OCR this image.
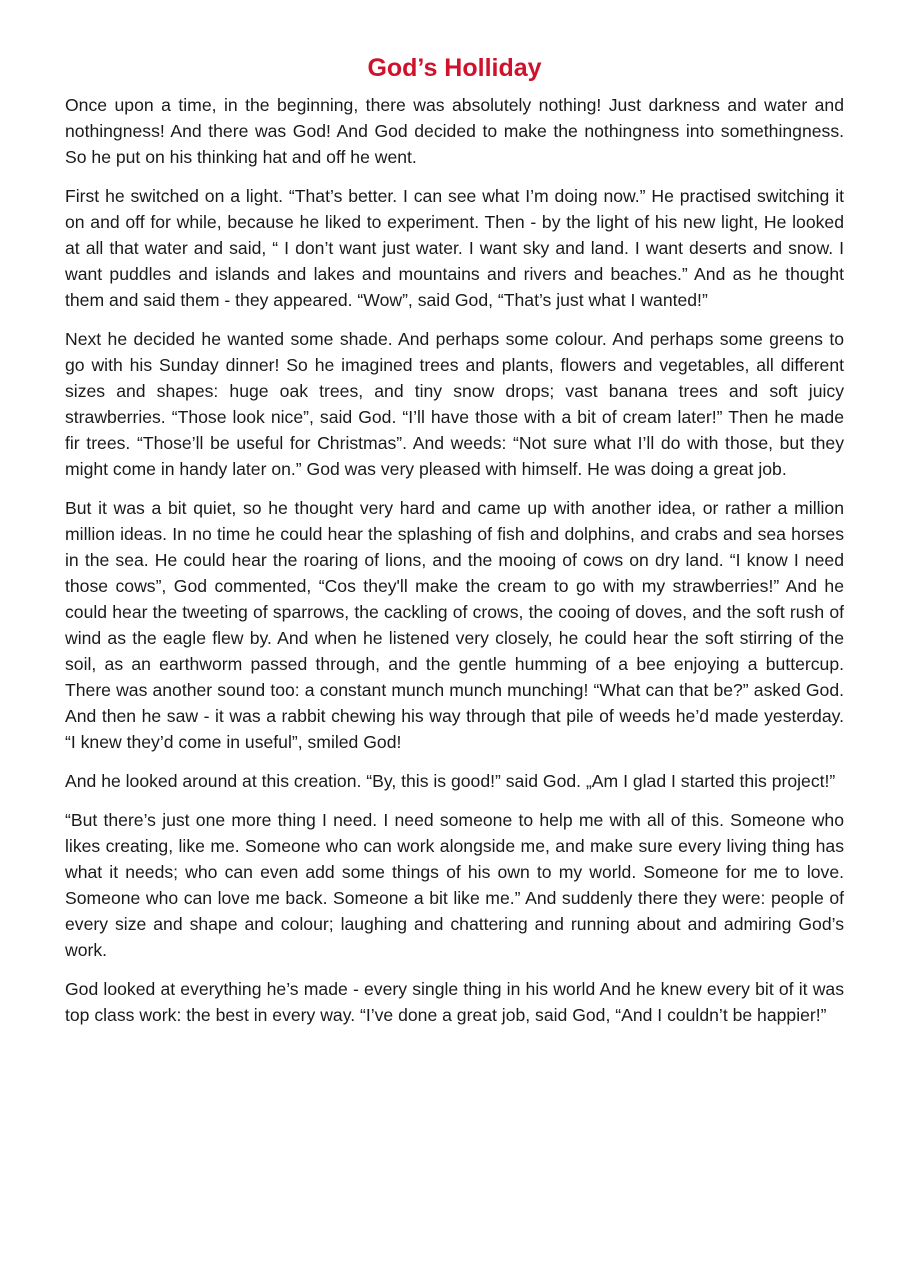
God’s Holliday

Once upon a time, in the beginning, there was absolutely nothing! Just darkness and water and nothingness! And there was God! And God decided to make the nothingness into somethingness. So he put on his thinking hat and off he went.

First he switched on a light. “That’s better. I can see what I’m doing now.” He practised switching it on and off for while, because he liked to experiment. Then - by the light of his new light, He looked at all that water and said, “ I don’t want just water. I want sky and land. I want deserts and snow. I want puddles and islands and lakes and mountains and rivers and beaches.” And as he thought them and said them - they appeared. “Wow”, said God, “That’s just what I wanted!”

Next he decided he wanted some shade. And perhaps some colour. And perhaps some greens to go with his Sunday dinner! So he imagined trees and plants, flowers and vegetables, all different sizes and shapes: huge oak trees, and tiny snow drops; vast banana trees and soft juicy strawberries. “Those look nice”, said God. “I’ll have those with a bit of cream later!” Then he made fir trees. “Those’ll be useful for Christmas”. And weeds: “Not sure what I’ll do with those, but they might come in handy later on.” God was very pleased with himself. He was doing a great job.

But it was a bit quiet, so he thought very hard and came up with another idea, or rather a million million ideas. In no time he could hear the splashing of fish and dolphins, and crabs and sea horses in the sea. He could hear the roaring of lions, and the mooing of cows on dry land. “I know I need those cows”, God commented, “Cos they'll make the cream to go with my strawberries!” And he could hear the tweeting of sparrows, the cackling of crows, the cooing of doves, and the soft rush of wind as the eagle flew by. And when he listened very closely, he could hear the soft stirring of the soil, as an earthworm passed through, and the gentle humming of a bee enjoying a buttercup. There was another sound too: a constant munch munch munching! “What can that be?” asked God. And then he saw - it was a rabbit chewing his way through that pile of weeds he’d made yesterday. “I knew they’d come in useful”, smiled God!

And he looked around at this creation. “By, this is good!” said God. „Am I glad I started this project!”

“But there’s just one more thing I need. I need someone to help me with all of this. Someone who likes creating, like me. Someone who can work alongside me, and make sure every living thing has what it needs; who can even add some things of his own to my world. Someone for me to love. Someone who can love me back. Someone a bit like me.” And suddenly there they were: people of every size and shape and colour; laughing and chattering and running about and admiring God’s work.

God looked at everything he’s made - every single thing in his world And he knew every bit of it was top class work: the best in every way. “I’ve done a great job, said God, “And I couldn’t be happier!”
